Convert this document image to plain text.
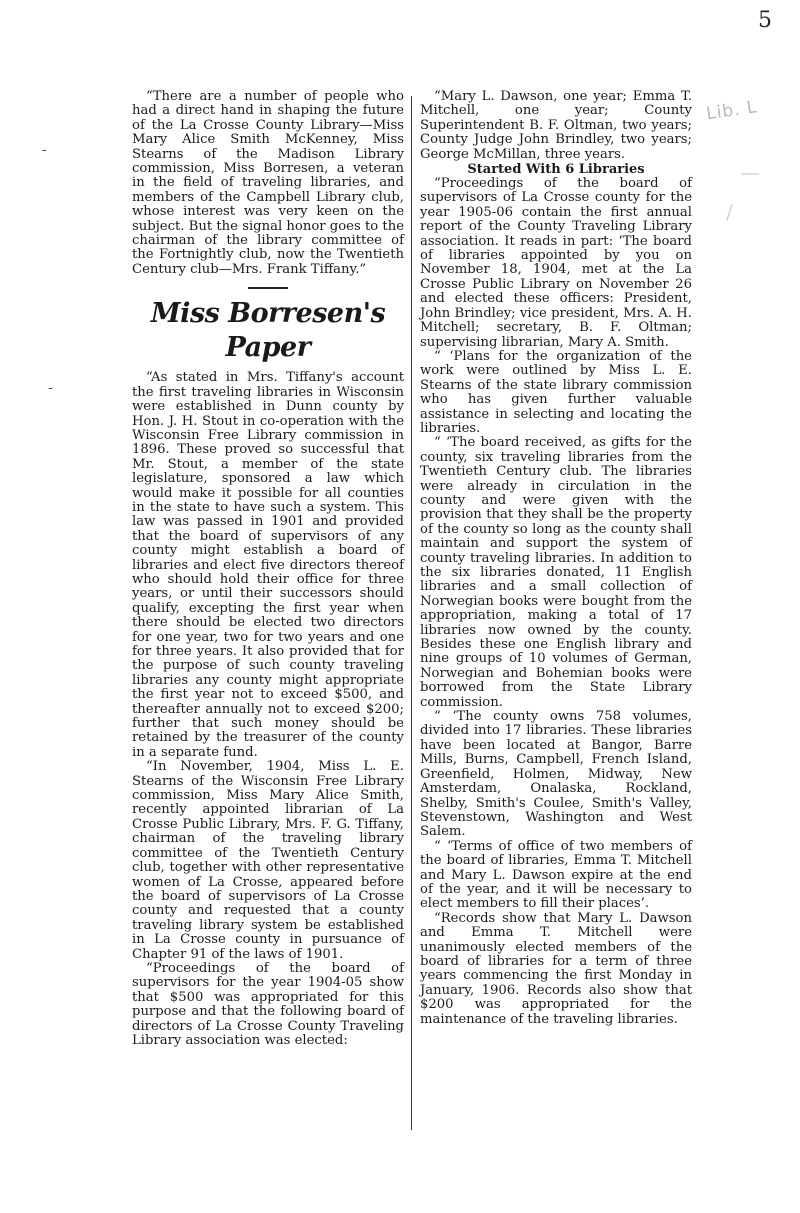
5
Lib. L
—
/
-
-

“There are a number of people who had a direct hand in shaping the future of the La Crosse County Library—Miss Mary Alice Smith McKenney, Miss Stearns of the Madison Library commission, Miss Borresen, a veteran in the field of traveling libraries, and members of the Campbell Library club, whose interest was very keen on the subject. But the signal honor goes to the chairman of the library committee of the Fortnightly club, now the Twentieth Century club—Mrs. Frank Tiffany.”

Miss Borresen's Paper

“As stated in Mrs. Tiffany's account the first traveling libraries in Wisconsin were established in Dunn county by Hon. J. H. Stout in co-operation with the Wisconsin Free Library commission in 1896. These proved so successful that Mr. Stout, a member of the state legislature, sponsored a law which would make it possible for all counties in the state to have such a system. This law was passed in 1901 and provided that the board of supervisors of any county might establish a board of libraries and elect five directors thereof who should hold their office for three years, or until their successors should qualify, excepting the first year when there should be elected two directors for one year, two for two years and one for three years. It also provided that for the purpose of such county traveling libraries any county might appropriate the first year not to exceed $500, and thereafter annually not to exceed $200; further that such money should be retained by the treasurer of the county in a separate fund.

“In November, 1904, Miss L. E. Stearns of the Wisconsin Free Library commission, Miss Mary Alice Smith, recently appointed librarian of La Crosse Public Library, Mrs. F. G. Tiffany, chairman of the traveling library committee of the Twentieth Century club, together with other representative women of La Crosse, appeared before the board of supervisors of La Crosse county and requested that a county traveling library system be established in La Crosse county in pursuance of Chapter 91 of the laws of 1901.

“Proceedings of the board of supervisors for the year 1904-05 show that $500 was appropriated for this purpose and that the following board of directors of La Crosse County Traveling Library association was elected:

“Mary L. Dawson, one year; Emma T. Mitchell, one year; County Superintendent B. F. Oltman, two years; County Judge John Brindley, two years; George McMillan, three years.

Started With 6 Libraries

“Proceedings of the board of supervisors of La Crosse county for the year 1905-06 contain the first annual report of the County Traveling Library association. It reads in part: ‘The board of libraries appointed by you on November 18, 1904, met at the La Crosse Public Library on November 26 and elected these officers: President, John Brindley; vice president, Mrs. A. H. Mitchell; secretary, B. F. Oltman; supervising librarian, Mary A. Smith.

“ ‘Plans for the organization of the work were outlined by Miss L. E. Stearns of the state library commission who has given further valuable assistance in selecting and locating the libraries.

“ ‘The board received, as gifts for the county, six traveling libraries from the Twentieth Century club. The libraries were already in circulation in the county and were given with the provision that they shall be the property of the county so long as the county shall maintain and support the system of county traveling libraries. In addition to the six libraries donated, 11 English libraries and a small collection of Norwegian books were bought from the appropriation, making a total of 17 libraries now owned by the county. Besides these one English library and nine groups of 10 volumes of German, Norwegian and Bohemian books were borrowed from the State Library commission.

“ ‘The county owns 758 volumes, divided into 17 libraries. These libraries have been located at Bangor, Barre Mills, Burns, Campbell, French Island, Greenfield, Holmen, Midway, New Amsterdam, Onalaska, Rockland, Shelby, Smith's Coulee, Smith's Valley, Stevenstown, Washington and West Salem.

“ ‘Terms of office of two members of the board of libraries, Emma T. Mitchell and Mary L. Dawson expire at the end of the year, and it will be necessary to elect members to fill their places’.

“Records show that Mary L. Dawson and Emma T. Mitchell were unanimously elected members of the board of libraries for a term of three years commencing the first Monday in January, 1906. Records also show that $200 was appropriated for the maintenance of the traveling libraries.
